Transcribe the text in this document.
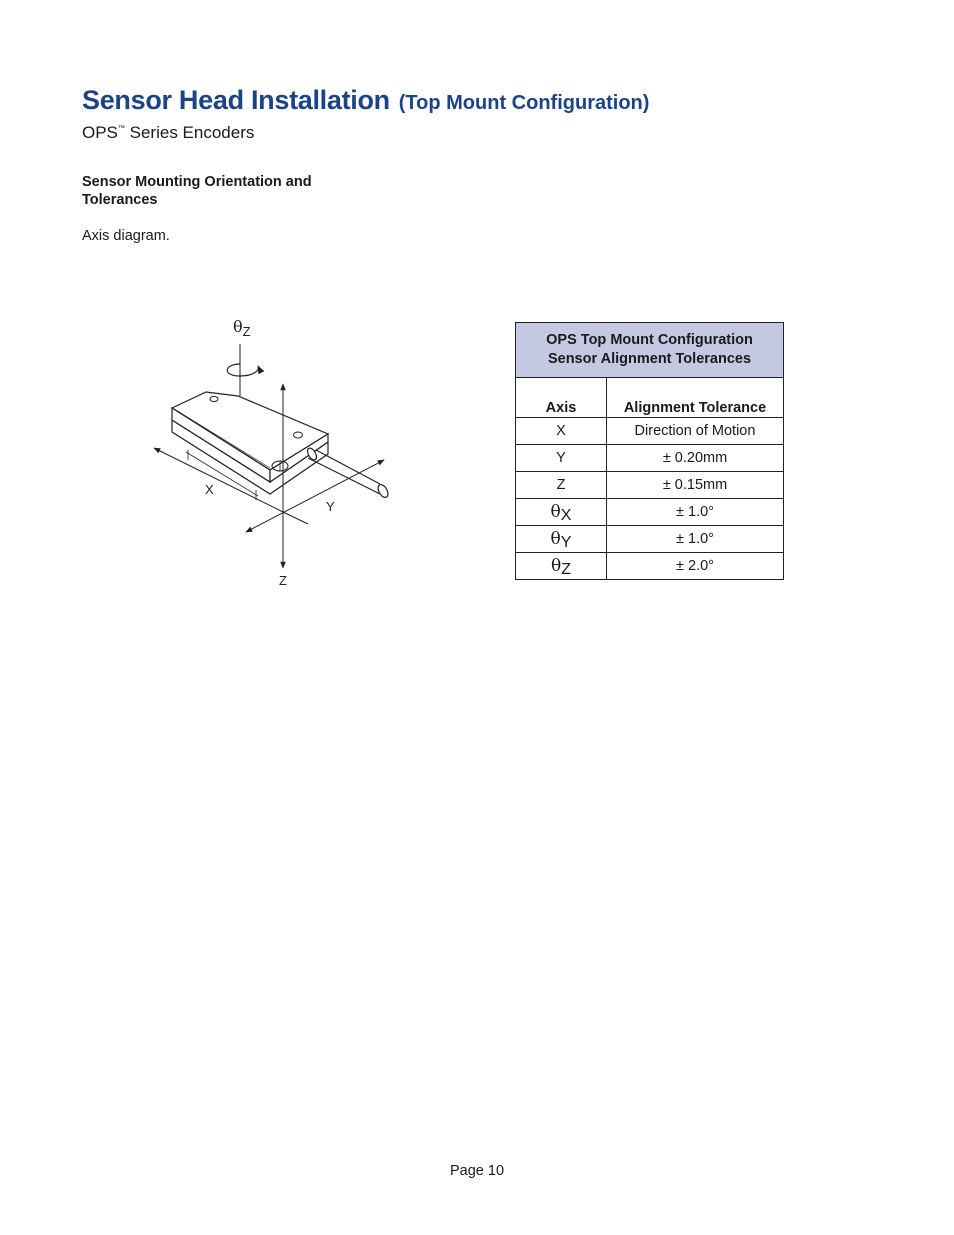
Sensor Head Installation (Top Mount Configuration)
OPS™ Series Encoders
Sensor Mounting Orientation and Tolerances
Axis diagram.
$\theta_Z$
X
Y
Z
OPS Top Mount Configuration
Sensor Alignment Tolerances	

Axis	Alignment Tolerance
X	Direction of Motion
Y	± 0.20mm
Z	± 0.15mm
θX	± 1.0°
θY	± 1.0°
θZ	± 2.0°
Page 10
